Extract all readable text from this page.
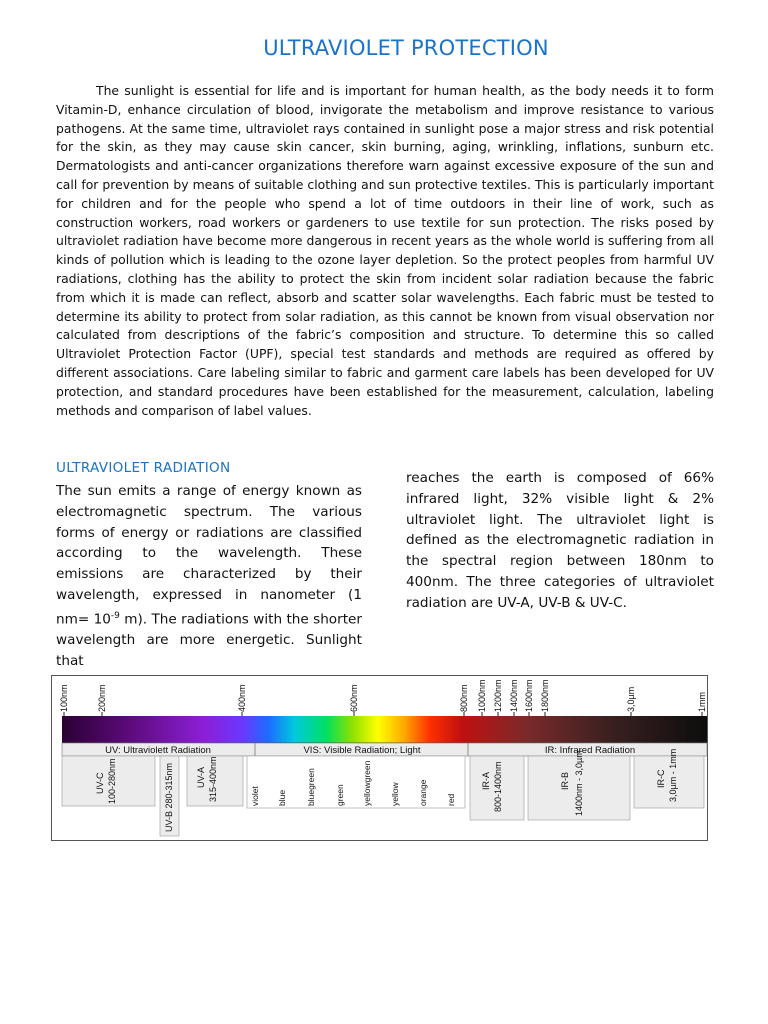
ULTRAVIOLET PROTECTION

The sunlight is essential for life and is important for human health, as the body needs it to form Vitamin-D, enhance circulation of blood, invigorate the metabolism and improve resistance to various pathogens. At the same time, ultraviolet rays contained in sunlight pose a major stress and risk potential for the skin, as they may cause skin cancer, skin burning, aging, wrinkling, inflations, sunburn etc. Dermatologists and anti-cancer organizations therefore warn against excessive exposure of the sun and call for prevention by means of suitable clothing and sun protective textiles. This is particularly important for children and for the people who spend a lot of time outdoors in their line of work, such as construction workers, road workers or gardeners to use textile for sun protection. The risks posed by ultraviolet radiation have become more dangerous in recent years as the whole world is suffering from all kinds of pollution which is leading to the ozone layer depletion. So the protect peoples from harmful UV radiations, clothing has the ability to protect the skin from incident solar radiation because the fabric from which it is made can reflect, absorb and scatter solar wavelengths. Each fabric must be tested to determine its ability to protect from solar radiation, as this cannot be known from visual observation nor calculated from descriptions of the fabric’s composition and structure. To determine this so called Ultraviolet Protection Factor (UPF), special test standards and methods are required as offered by different associations. Care labeling similar to fabric and garment care labels has been developed for UV protection, and standard procedures have been established for the measurement, calculation, labeling methods and comparison of label values.

ULTRAVIOLET RADIATION

The sun emits a range of energy known as electromagnetic spectrum. The various forms of energy or radiations are classified according to the wavelength. These emissions are characterized by their wavelength, expressed in nanometer (1 $nm= 10^{-9}$ m). The radiations with the shorter wavelength are more energetic. Sunlight that

reaches the earth is composed of 66% infrared light, 32% visible light & 2% ultraviolet light. The ultraviolet light is defined as the electromagnetic radiation in the spectral region between 180nm to 400nm. The three categories of ultraviolet radiation are UV-A, UV-B & UV-C.

100nm	200nm	400nm	600nm	800nm 1000nm 1200nm 1400nm 1600nm 1800nm	3,0µm	1mm
UV: Ultraviolett Radiation	VIS: Visible Radiation; Light	IR: Infrared Radiation
UV-C 100-280nm	UV-B 280-315nm UV-A 315-400nm	violet blue bluegreen green yellowgreen yellow orange red
IR-A 800-1400nm	IR-B 1400nm - 3,0µm	IR-C 3,0µm - 1mm
